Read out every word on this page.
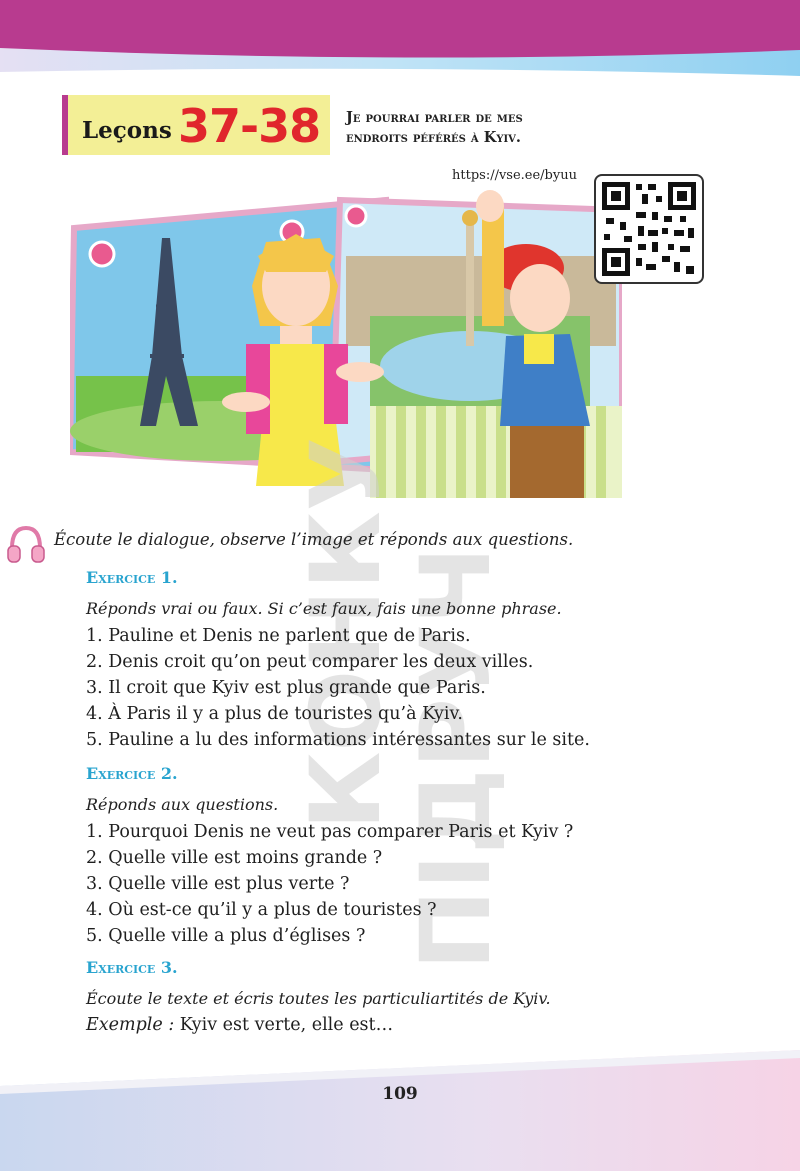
Leçons 37-38 Je pourrai parler de mes
endroits péférés à Kyiv.
https://vse.ee/byuu
КОНКУ
ПІДРУЧ
Écoute le dialogue, observe l’image et réponds aux questions.
Exercice 1.
Réponds vrai ou faux. Si c’est faux, fais une bonne phrase.
1. Pauline et Denis ne parlent que de Paris.
2. Denis croit qu’on peut comparer les deux villes.
3. Il croit que Kyiv est plus grande que Paris.
4. À Paris il y a plus de touristes qu’à Kyiv.
5. Pauline a lu des informations intéressantes sur le site.
Exercice 2.
Réponds aux questions.
1. Pourquoi Denis ne veut pas comparer Paris et Kyiv ?
2. Quelle ville est moins grande ?
3. Quelle ville est plus verte ?
4. Où est-ce qu’il y a plus de touristes ?
5. Quelle ville a plus d’églises ?
Exercice 3.
Écoute le texte et écris toutes les particuliartités de Kyiv.
Exemple : Kyiv est verte, elle est…
109
